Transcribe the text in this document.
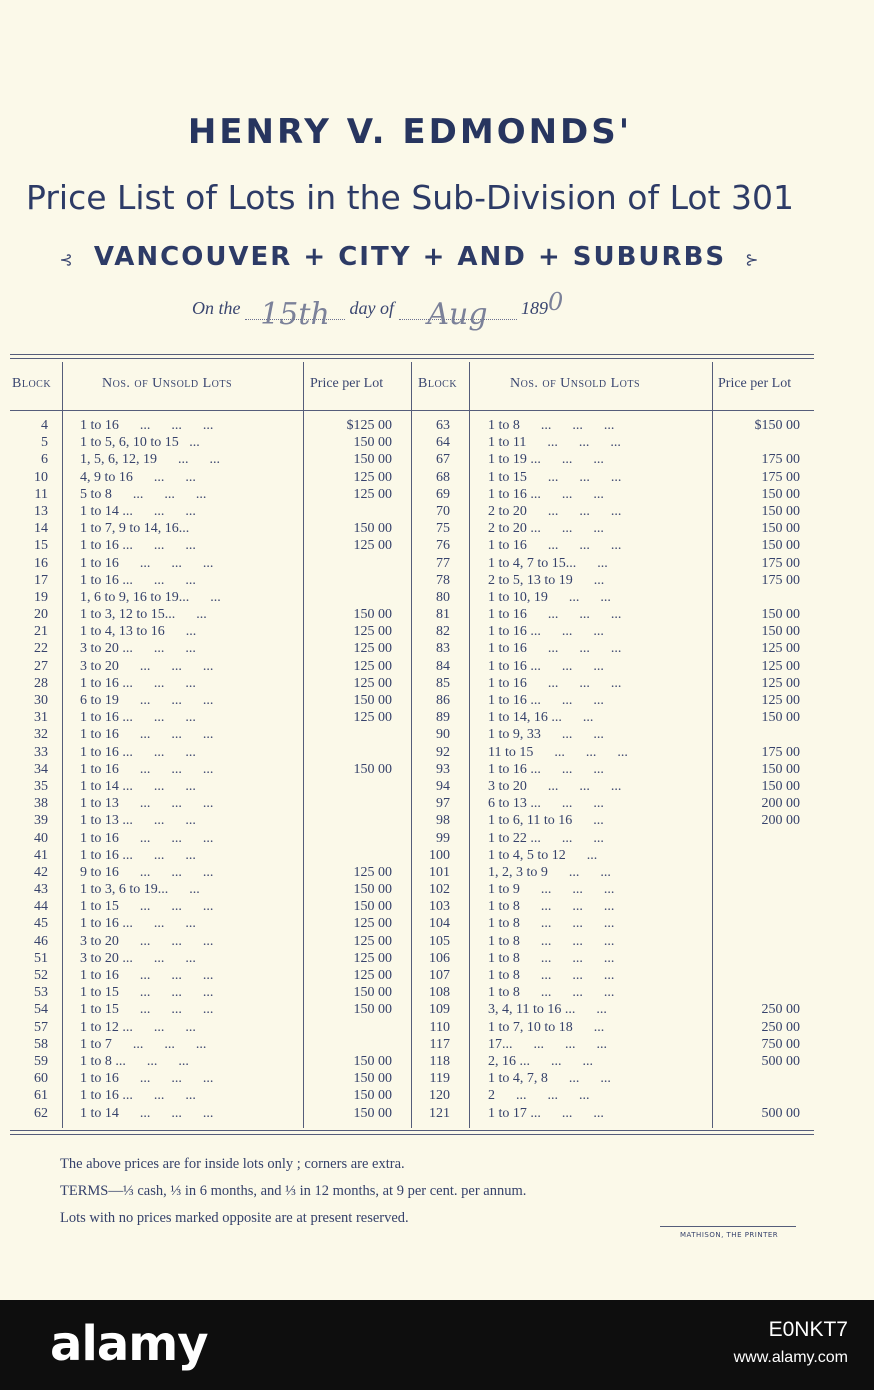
HENRY V. EDMONDS'
Price List of Lots in the Sub-Division of Lot 301
⊰ VANCOUVER + CITY + AND + SUBURBS ⊱
On the 15th day of Aug 1890
Block	Nos. of Unsold Lots	Price per Lot Block	Nos. of Unsold Lots	Price per Lot
4 1 to 16      ...      ...      ...	$125 00	63	1 to 8      ...      ...      ...	$150 00
5 1 to 5, 6, 10 to 15   ...	150 00	64	1 to 11      ...      ...      ...
6 1, 5, 6, 12, 19      ...      ...	150 00	67	1 to 19 ...      ...      ...	175 00
10 4, 9 to 16      ...      ...	125 00	68	1 to 15      ...      ...      ...	175 00
11 5 to 8      ...      ...      ...	125 00	69	1 to 16 ...      ...      ...	150 00
13 1 to 14 ...      ...      ...	70	2 to 20      ...      ...      ...	150 00
14 1 to 7, 9 to 14, 16...	150 00	75	2 to 20 ...      ...      ...	150 00
15 1 to 16 ...      ...      ...	125 00	76	1 to 16      ...      ...      ...	150 00
16 1 to 16      ...      ...      ...	77	1 to 4, 7 to 15...      ...	175 00
17 1 to 16 ...      ...      ...	78	2 to 5, 13 to 19      ...	175 00
19 1, 6 to 9, 16 to 19...      ...	80	1 to 10, 19      ...      ...
20 1 to 3, 12 to 15...      ...	150 00	81	1 to 16      ...      ...      ...	150 00
21 1 to 4, 13 to 16      ...	125 00	82	1 to 16 ...      ...      ...	150 00
22 3 to 20 ...      ...      ...	125 00	83	1 to 16      ...      ...      ...	125 00
27 3 to 20      ...      ...      ...	125 00	84	1 to 16 ...      ...      ...	125 00
28 1 to 16 ...      ...      ...	125 00	85	1 to 16      ...      ...      ...	125 00
30 6 to 19      ...      ...      ...	150 00	86	1 to 16 ...      ...      ...	125 00
31 1 to 16 ...      ...      ...	125 00	89	1 to 14, 16 ...      ...	150 00
32 1 to 16      ...      ...      ...	90	1 to 9, 33      ...      ...
33 1 to 16 ...      ...      ...	92	11 to 15      ...      ...      ...	175 00
34 1 to 16      ...      ...      ...	150 00	93	1 to 16 ...      ...      ...	150 00
35 1 to 14 ...      ...      ...	94	3 to 20      ...      ...      ...	150 00
38 1 to 13      ...      ...      ...	97	6 to 13 ...      ...      ...	200 00
39 1 to 13 ...      ...      ...	98	1 to 6, 11 to 16      ...	200 00
40 1 to 16      ...      ...      ...	99	1 to 22 ...      ...      ...
41 1 to 16 ...      ...      ...	100	1 to 4, 5 to 12      ...
42 9 to 16      ...      ...      ...	125 00	101	1, 2, 3 to 9      ...      ...
43 1 to 3, 6 to 19...      ...	150 00	102	1 to 9      ...      ...      ...
44 1 to 15      ...      ...      ...	150 00	103	1 to 8      ...      ...      ...
45 1 to 16 ...      ...      ...	125 00	104	1 to 8      ...      ...      ...
46 3 to 20      ...      ...      ...	125 00	105	1 to 8      ...      ...      ...
51 3 to 20 ...      ...      ...	125 00	106	1 to 8      ...      ...      ...
52 1 to 16      ...      ...      ...	125 00	107	1 to 8      ...      ...      ...
53 1 to 15      ...      ...      ...	150 00	108	1 to 8      ...      ...      ...
54 1 to 15      ...      ...      ...	150 00	109	3, 4, 11 to 16 ...      ...	250 00
57 1 to 12 ...      ...      ...	110	1 to 7, 10 to 18      ...	250 00
58 1 to 7      ...      ...      ...	117	17...      ...      ...      ...	750 00
59 1 to 8 ...      ...      ...	150 00	118	2, 16 ...      ...      ...	500 00
60 1 to 16      ...      ...      ...	150 00	119	1 to 4, 7, 8      ...      ...
61 1 to 16 ...      ...      ...	150 00	120	2      ...      ...      ...
62 1 to 14      ...      ...      ...	150 00	121	1 to 17 ...      ...      ...	500 00
The above prices are for inside lots only ; corners are extra.
TERMS—⅓ cash, ⅓ in 6 months, and ⅓ in 12 months, at 9 per cent. per annum.
Lots with no prices marked opposite are at present reserved.
MATHISON, THE PRINTER
alamy	E0NKT7
www.alamy.com
